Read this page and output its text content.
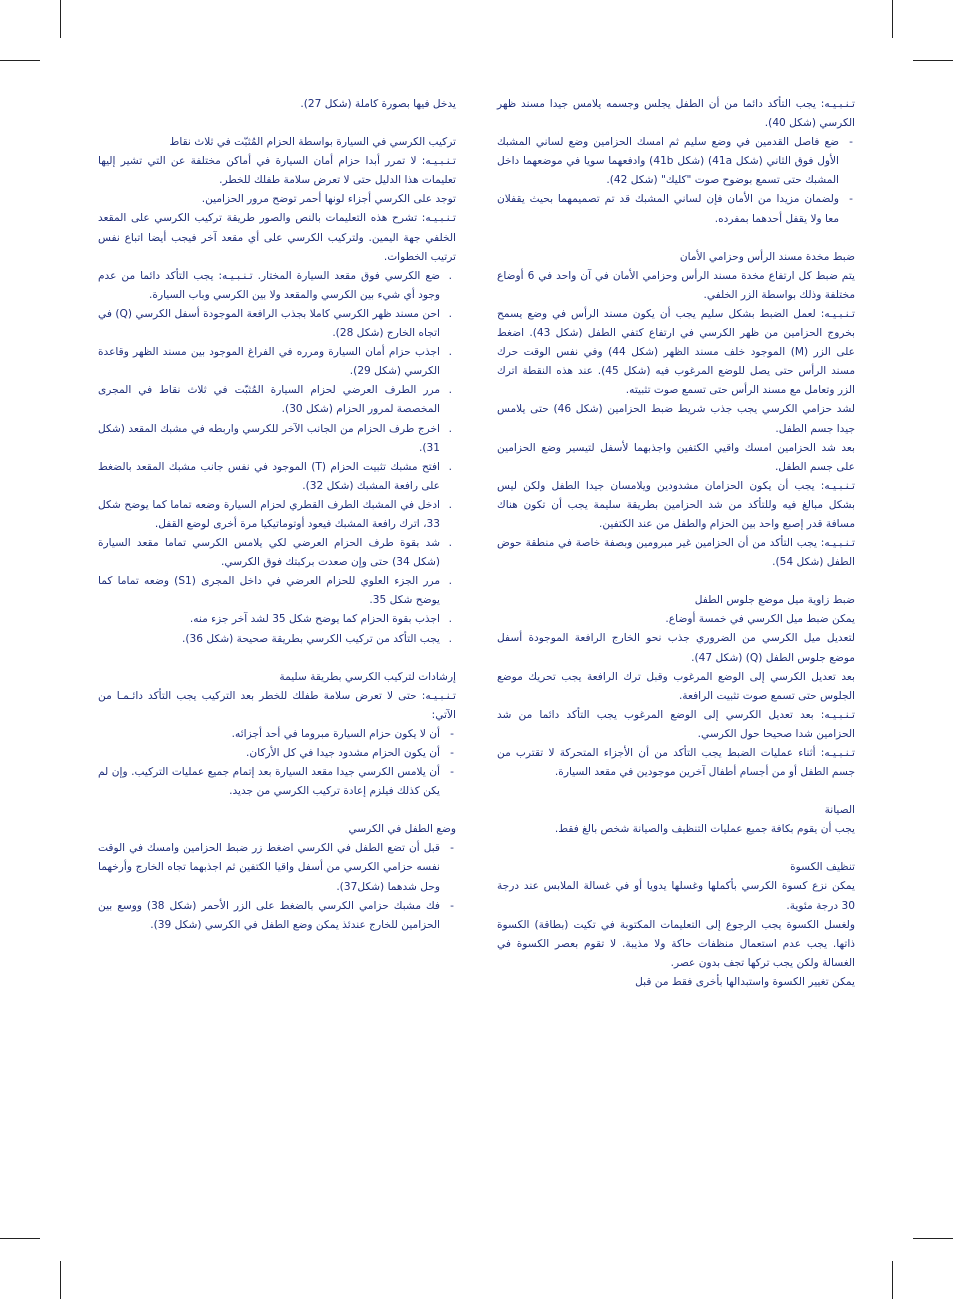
تـنـبـيـه: يجب التأكد دائما من أن الطفل يجلس وجسمه يلامس جيدا مسند ظهر الكرسي (شكل 40).

- ضع فاصل القدمين في وضع سليم ثم امسك الحزامين وضع لساني المشبك الأول فوق الثاني (شكل 41a) (شكل 41b) وادفعهما سويا في موضعهما داخل المشبك حتى تسمع بوضوح صوت "كليك" (شكل 42).
- ولضمان مزيدا من الأمان فإن لساني المشبك قد تم تصميمهما بحيث يقفلان معا ولا يقفل أحدهما بمفرده.

ضبط مخدة مسند الرأس وحزامي الأمان

يتم ضبط كل ارتفاع مخدة مسند الرأس وحزامي الأمان في آن واحد في 6 أوضاع مختلفة وذلك بواسطة الزر الخلفي.

تـنـبـيـه: لعمل الضبط بشكل سليم يجب أن يكون مسند الرأس في وضع يسمح بخروج الحزامين من ظهر الكرسي في ارتفاع كتفي الطفل (شكل 43). اضغط على الزر (M) الموجود خلف مسند الظهر (شكل 44) وفي نفس الوقت حرك مسند الرأس حتى يصل للوضع المرغوب فيه (شكل 45). عند هذه النقطة اترك الزر وتعامل مع مسند الرأس حتى تسمع صوت تثبيته.

لشد حزامي الكرسي يجب جذب شريط ضبط الحزامين (شكل 46) حتى يلامس جيدا جسم الطفل.

بعد شد الحزامين امسك واقيي الكتفين واجذبهما لأسفل لتيسير وضع الحزامين على جسم الطفل.

تـنـبـيـه: يجب أن يكون الحزامان مشدودين ويلامسان جيدا الطفل ولكن ليس بشكل مبالغ فيه وللتأكد من شد الحزامين بطريقة سليمة يجب أن تكون هناك مسافة قدر إصبع واحد بين الحزام والطفل من عند الكتفين.

تـنـبـيـه: يجب التأكد من أن الحزامين غير مبرومين وبصفة خاصة في منطقة حوض الطفل (شكل 54).

ضبط زاوية ميل موضع جلوس الطفل

يمكن ضبط ميل الكرسي في خمسة أوضاع.

لتعديل ميل الكرسي من الضروري جذب نحو الخارج الرافعة الموجودة أسفل موضع جلوس الطفل (Q) (شكل 47).

بعد تعديل الكرسي إلى الوضع المرغوب وقبل ترك الرافعة يجب تحريك موضع الجلوس حتى تسمع صوت تثبيت الرافعة.

تـنـبـيـه: بعد تعديل الكرسي إلى الوضع المرغوب يجب التأكد دائما من شد الحزامين شدا صحيحا حول الكرسي.

تـنـبـيـه: أثناء عمليات الضبط يجب التأكد من أن الأجزاء المتحركة لا تقترب من جسم الطفل أو من أجسام أطفال آخرين موجودين في مقعد السيارة.

الصيانة

يجب أن يقوم بكافة جميع عمليات التنظيف والصيانة شخص بالغ فقط.

تنظيف الكسوة

يمكن نزع كسوة الكرسي بأكملها وغسلها يدويا أو في غسالة الملابس عند درجة 30 درجة مئوية.

ولغسل الكسوة يجب الرجوع إلى التعليمات المكتوبة في تكيت (بطاقة) الكسوة ذاتها. يجب عدم استعمال منظفات حاكة ولا مذيبة. لا تقوم بعصر الكسوة في الغسالة ولكن يجب تركها تجف بدون عصر.

يمكن تغيير الكسوة واستبدالها بأخرى فقط من قبل

يدخل فيها بصورة كاملة (شكل 27).

تركيب الكرسي في السيارة بواسطة الحزام المُثبّت في ثلاث نقاط

تـنـبـيـه: لا تمرر أبدا حزام أمان السيارة في أماكن مختلفة عن التي تشير إليها تعليمات هذا الدليل حتى لا تعرض سلامة طفلك للخطر.

توجد على الكرسي أجزاء لونها أحمر توضح مرور الحزامين.

تـنـبـيـه: تشرح هذه التعليمات بالنص والصور طريقة تركيب الكرسي على المقعد الخلفي جهة اليمين. ولتركيب الكرسي على أي مقعد آخر فيجب أيضا اتباع نفس ترتيب الخطوات.

. ضع الكرسي فوق مقعد السيارة المختار. تـنـبـيـه: يجب التأكد دائما من عدم وجود أي شيء بين الكرسي والمقعد ولا بين الكرسي وباب السيارة.
. احن مسند ظهر الكرسي كاملا بجذب الرافعة الموجودة أسفل الكرسي (Q) في اتجاه الخارج (شكل 28).
. اجذب حزام أمان السيارة ومرره في الفراغ الموجود بين مسند الظهر وقاعدة الكرسي (شكل 29).
. مرر الطرف العرضي لحزام السيارة المُثبّت في ثلاث نقاط في المجرى المخصصة لمرور الحزام (شكل 30).
. اخرج طرف الحزام من الجانب الآخر للكرسي واربطه في مشبك المقعد (شكل 31).
. افتح مشبك تثبيت الحزام (T) الموجود في نفس جانب مشبك المقعد بالضغط على رافعة المشبك (شكل 32).
. ادخل في المشبك الطرف القطري لحزام السيارة وضعه تماما كما يوضح شكل 33، اترك رافعة المشبك فيعود أوتوماتيكيا مرة أخرى لوضع القفل.
. شد بقوة طرف الحزام العرضي لكي يلامس الكرسي تماما مقعد السيارة (شكل 34) حتى وإن صعدت بركبتك فوق الكرسي.
. مرر الجزء العلوي للحزام العرضي في داخل المجرى (S1) وضعه تماما كما يوضح شكل 35.
. اجذب بقوة الحزام كما يوضح شكل 35 لشد آخر جزء منه.
. يجب التأكد من تركيب الكرسي بطريقة صحيحة (شكل 36).

إرشادات لتركيب الكرسي بطريقة سليمة

تـنـبـيـه: حتى لا تعرض سلامة طفلك للخطر بعد التركيب يجب التأكد دائـمـا من الآتي:

- أن لا يكون حزام السيارة مبروما في أحد أجزائه.
- أن يكون الحزام مشدود جيدا في كل الأركان.
- أن يلامس الكرسي جيدا مقعد السيارة بعد إتمام جميع عمليات التركيب. وإن لم يكن كذلك فيلزم إعادة تركيب الكرسي من جديد.

وضع الطفل في الكرسي

- قبل أن تضع الطفل في الكرسي اضغط زر ضبط الحزامين وامسك في الوقت نفسه حزامي الكرسي من أسفل واقيا الكتفين ثم اجذبهما تجاه الخارج وأرخهما وحل شدهما (شكل37).
- فك مشبك حزامي الكرسي بالضغط على الزر الأحمر (شكل 38) ووسع بين الحزامين للخارج عندئذ يمكن وضع الطفل في الكرسي (شكل 39).
